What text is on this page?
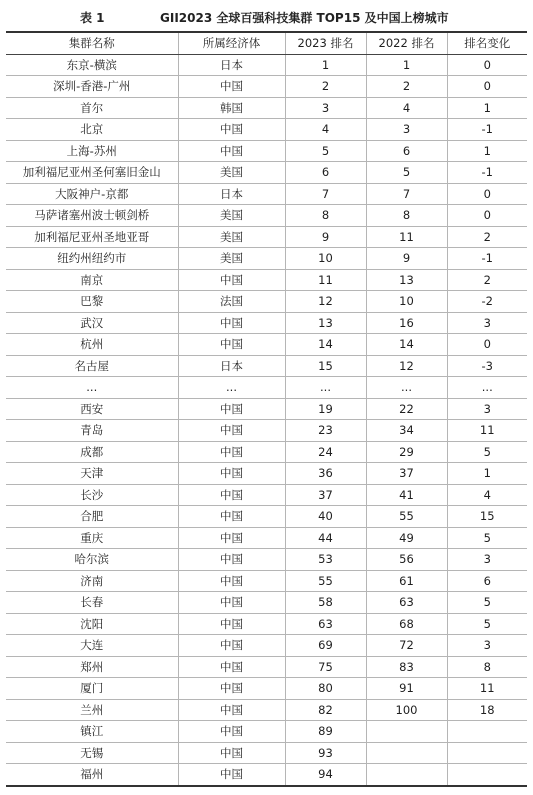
表 1	GII2023 全球百强科技集群 TOP15 及中国上榜城市
集群名称	所属经济体	2023 排名	2022 排名	排名变化
东京-横滨	日本	1	1	0
深圳-香港-广州	中国	2	2	0
首尔	韩国	3	4	1
北京	中国	4	3	-1
上海-苏州	中国	5	6	1
加利福尼亚州圣何塞旧金山	美国	6	5	-1
大阪神户-京都	日本	7	7	0
马萨诸塞州波士顿剑桥	美国	8	8	0
加利福尼亚州圣地亚哥	美国	9	11	2
纽约州纽约市	美国	10	9	-1
南京	中国	11	13	2
巴黎	法国	12	10	-2
武汉	中国	13	16	3
杭州	中国	14	14	0
名古屋	日本	15	12	-3
...	...	...	...	...
西安	中国	19	22	3
青岛	中国	23	34	11
成都	中国	24	29	5
天津	中国	36	37	1
长沙	中国	37	41	4
合肥	中国	40	55	15
重庆	中国	44	49	5
哈尔滨	中国	53	56	3
济南	中国	55	61	6
长春	中国	58	63	5
沈阳	中国	63	68	5
大连	中国	69	72	3
郑州	中国	75	83	8
厦门	中国	80	91	11
兰州	中国	82	100	18
镇江	中国	89		
无锡	中国	93		
福州	中国	94		
